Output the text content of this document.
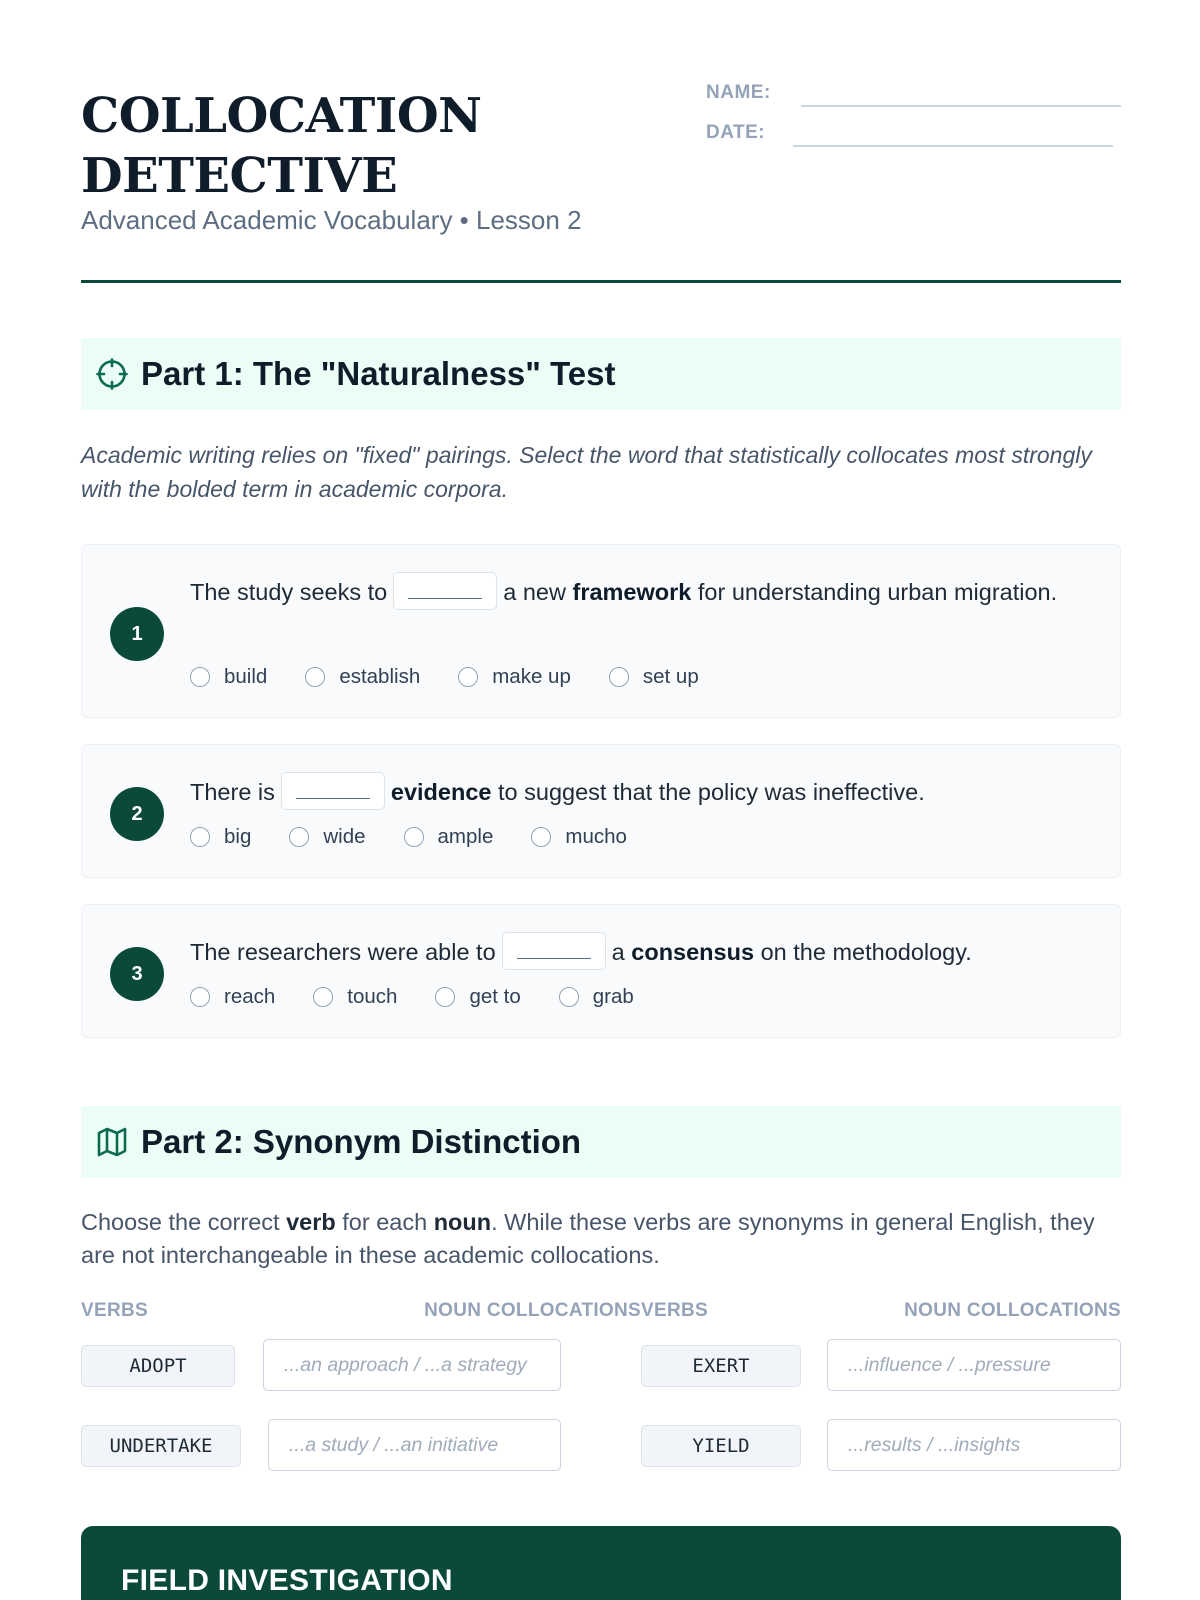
COLLOCATION
DETECTIVE
Advanced Academic Vocabulary • Lesson 2
NAME:
DATE:
Part 1: The "Naturalness" Test
Academic writing relies on "fixed" pairings. Select the word that statistically collocates most strongly with the bolded term in academic corpora.
1
The study seeks to	a new framework for understanding urban migration.
build	establish	make up	set up
2
There is	evidence to suggest that the policy was ineffective.
big	wide	ample	mucho
3
The researchers were able to	a consensus on the methodology.
reach	touch	get to	grab
Part 2: Synonym Distinction
Choose the correct verb for each noun. While these verbs are synonyms in general English, they are not interchangeable in these academic collocations.
VERBS	NOUN COLLOCATIONS VERBS	NOUN COLLOCATIONS
ADOPT	...an approach / ...a strategy	EXERT	...influence / ...pressure
UNDERTAKE	...a study / ...an initiative	YIELD	...results / ...insights
FIELD INVESTIGATION
